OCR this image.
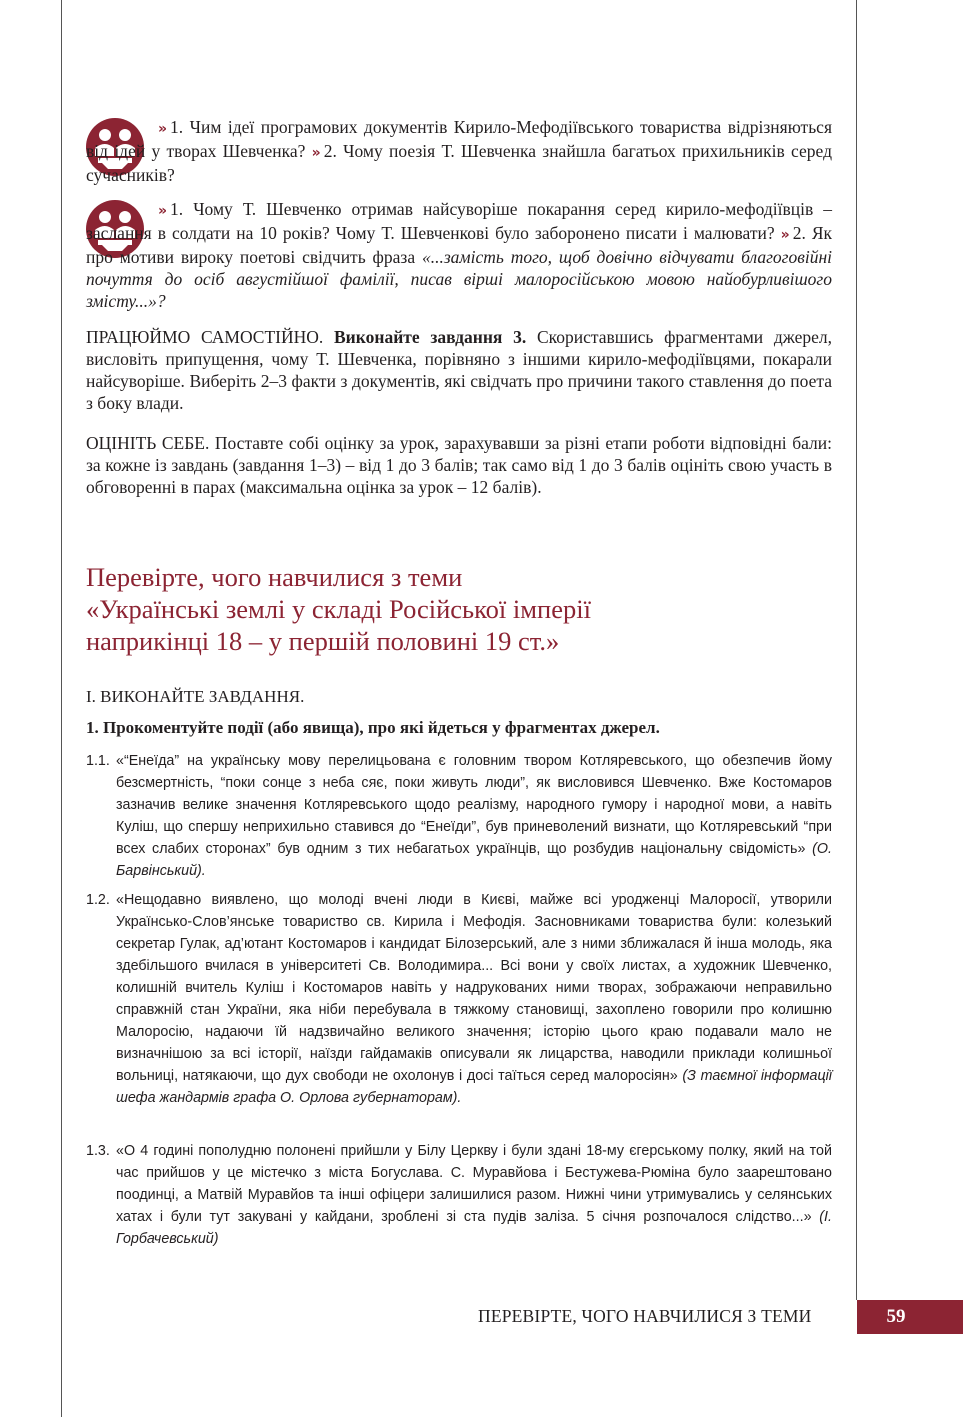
» 1. Чим ідеї програмових документів Кирило-Мефодіївського товариства відрізняються від ідей у творах Шевченка? » 2. Чому поезія Т. Шевченка знайшла багатьох прихильників серед сучасників?

» 1. Чому Т. Шевченко отримав найсуворіше покарання серед кирило-мефодіївців – заслання в солдати на 10 років? Чому Т. Шевченкові було заборонено писати і малювати? » 2. Як про мотиви вироку поетові свідчить фраза «...замість того, щоб довічно відчувати благоговійні почуття до осіб августійшої фамілії, писав вірші малоросійською мовою найобурливішого змісту...»?

ПРАЦЮЙМО САМОСТІЙНО. Виконайте завдання 3. Скориставшись фрагментами джерел, висловіть припущення, чому Т. Шевченка, порівняно з іншими кирило-мефодіївцями, покарали найсуворіше. Виберіть 2–3 факти з документів, які свідчать про причини такого ставлення до поета з боку влади.

ОЦІНІТЬ СЕБЕ. Поставте собі оцінку за урок, зарахувавши за різні етапи роботи відповідні бали: за кожне із завдань (завдання 1–3) – від 1 до 3 балів; так само від 1 до 3 балів оцініть свою участь в обговоренні в парах (максимальна оцінка за урок – 12 балів).

Перевірте, чого навчилися з теми
«Українські землі у складі Російської імперії
наприкінці 18 – у першій половині 19 ст.»

І. ВИКОНАЙТЕ ЗАВДАННЯ.

1. Прокоментуйте події (або явища), про які йдеться у фрагментах джерел.

1.1. «“Енеїда” на українську мову перелицьована є головним твором Котляревського, що обезпечив йому безсмертність, “поки сонце з неба сяє, поки живуть люди”, як висловився Шевченко. Вже Костомаров зазначив велике значення Котляревського щодо реалізму, народного гумору і народної мови, а навіть Куліш, що спершу неприхильно ставився до “Енеїди”, був приневолений визнати, що Котляревський “при всех слабих сторонах” був одним з тих небагатьох українців, що розбудив національну свідомість» (О. Барвінський).

1.2. «Нещодавно виявлено, що молоді вчені люди в Києві, майже всі уродженці Малоросії, утворили Українсько-Слов’янське товариство св. Кирила і Мефодія. Засновниками товариства були: колезький секретар Гулак, ад’ютант Костомаров і кандидат Білозерський, але з ними зближалася й інша молодь, яка здебільшого вчилася в університеті Св. Володимира... Всі вони у своїх листах, а художник Шевченко, колишній вчитель Куліш і Костомаров навіть у надрукованих ними творах, зображаючи неправильно справжній стан України, яка ніби перебувала в тяжкому становищі, захоплено говорили про колишню Малоросію, надаючи їй надзвичайно великого значення; історію цього краю подавали мало не визначнішою за всі історії, наїзди гайдамаків описували як лицарства, наводили приклади колишньої вольниці, натякаючи, що дух свободи не охолонув і досі таїться серед малоросіян» (З таємної інформації шефа жандармів графа О. Орлова губернаторам).

1.3. «О 4 годині пополудню полонені прийшли у Білу Церкву і були здані 18-му єгерському полку, який на той час прийшов у це містечко з міста Богуслава. С. Муравйова і Бестужева-Рюміна було заарештовано поодинці, а Матвій Муравйов та інші офіцери залишилися разом. Нижні чини утримувались у селянських хатах і були тут закувані у кайдани, зроблені зі ста пудів заліза. 5 січня розпочалося слідство...» (І. Горбачевський)

ПЕРЕВІРТЕ, ЧОГО НАВЧИЛИСЯ З ТЕМИ	59
